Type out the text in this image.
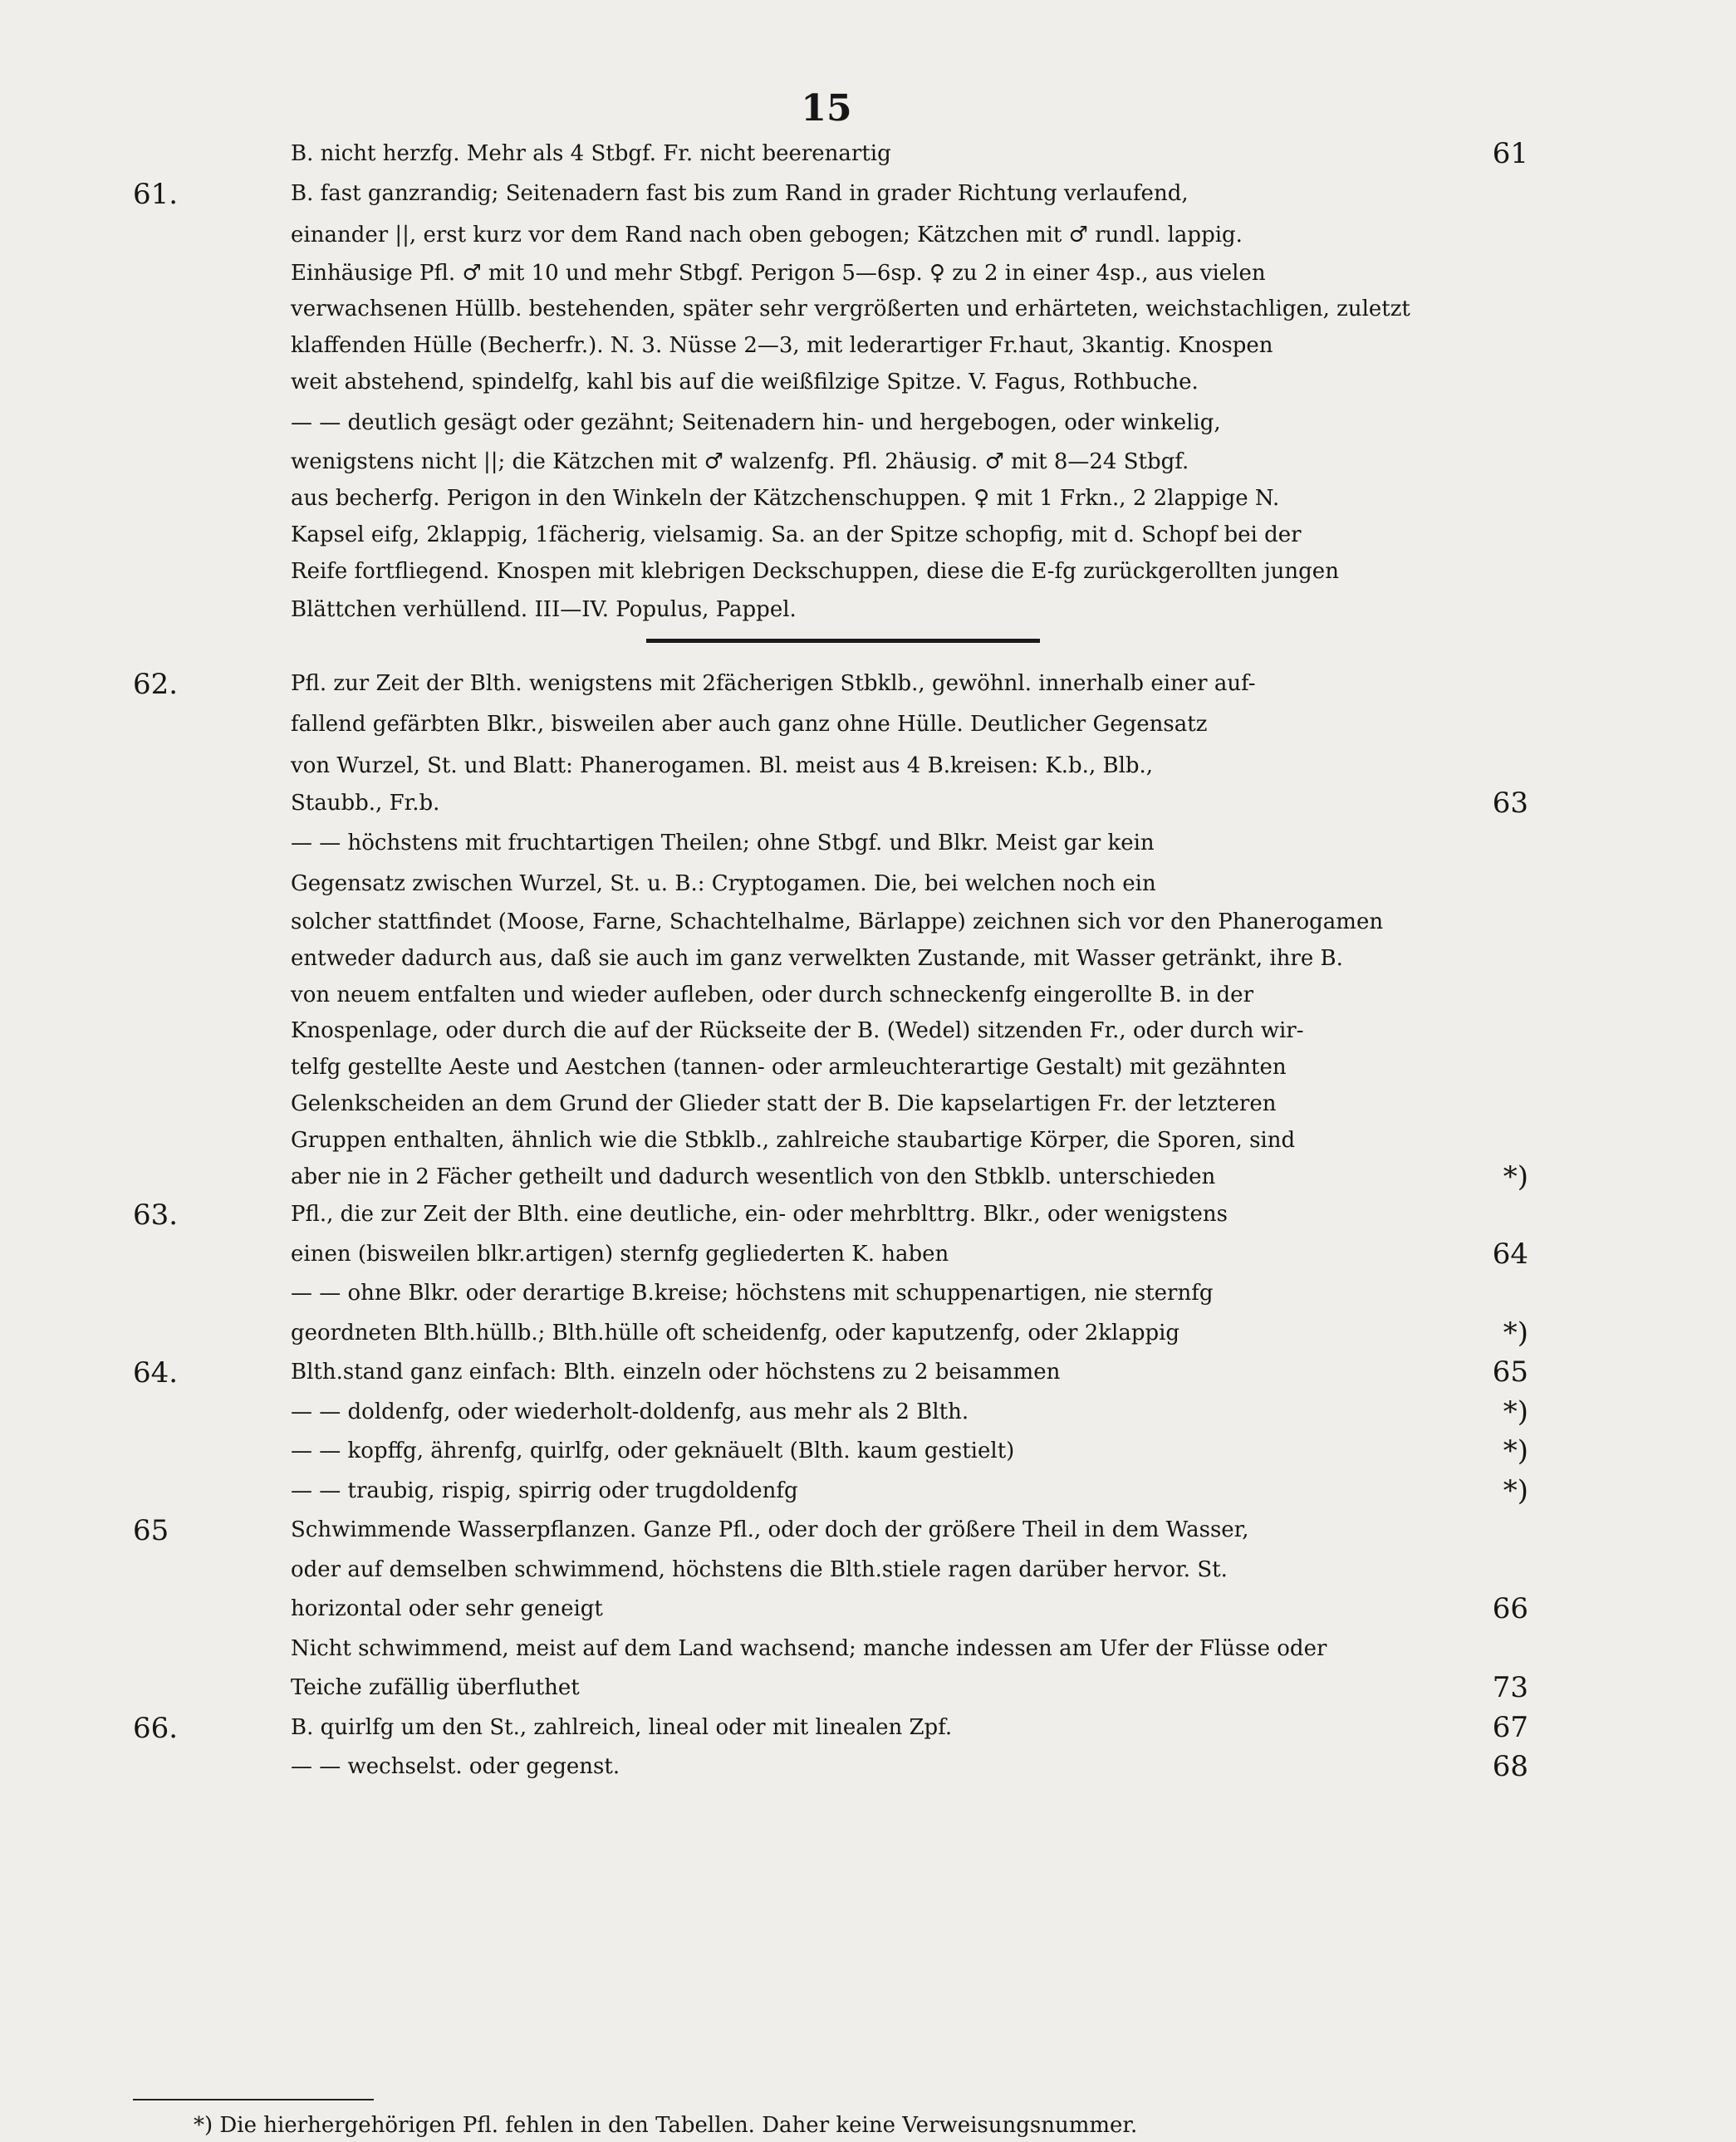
15
B. nicht herzfg. Mehr als 4 Stbgf. Fr. nicht beerenartig	61
61.	B. fast ganzrandig; Seitenadern fast bis zum Rand in grader Richtung verlaufend,
einander ||, erst kurz vor dem Rand nach oben gebogen; Kätzchen mit ♂ rundl. lappig.
Einhäusige Pfl. ♂ mit 10 und mehr Stbgf. Perigon 5—6sp. ♀ zu 2 in einer 4sp., aus vielen
verwachsenen Hüllb. bestehenden, später sehr vergrößerten und erhärteten, weichstachligen, zuletzt
klaffenden Hülle (Becherfr.). N. 3. Nüsse 2—3, mit lederartiger Fr.haut, 3kantig. Knospen
weit abstehend, spindelfg, kahl bis auf die weißfilzige Spitze. V. Fagus, Rothbuche.
— — deutlich gesägt oder gezähnt; Seitenadern hin- und hergebogen, oder winkelig,
wenigstens nicht ||; die Kätzchen mit ♂ walzenfg. Pfl. 2häusig. ♂ mit 8—24 Stbgf.
aus becherfg. Perigon in den Winkeln der Kätzchenschuppen. ♀ mit 1 Frkn., 2 2lappige N.
Kapsel eifg, 2klappig, 1fächerig, vielsamig. Sa. an der Spitze schopfig, mit d. Schopf bei der
Reife fortfliegend. Knospen mit klebrigen Deckschuppen, diese die E-fg zurückgerollten jungen
Blättchen verhüllend. III—IV. Populus, Pappel.
62.	Pfl. zur Zeit der Blth. wenigstens mit 2fächerigen Stbklb., gewöhnl. innerhalb einer auf-
fallend gefärbten Blkr., bisweilen aber auch ganz ohne Hülle. Deutlicher Gegensatz
von Wurzel, St. und Blatt: Phanerogamen. Bl. meist aus 4 B.kreisen: K.b., Blb.,
Staubb., Fr.b.	63
— — höchstens mit fruchtartigen Theilen; ohne Stbgf. und Blkr. Meist gar kein
Gegensatz zwischen Wurzel, St. u. B.: Cryptogamen. Die, bei welchen noch ein
solcher stattfindet (Moose, Farne, Schachtelhalme, Bärlappe) zeichnen sich vor den Phanerogamen
entweder dadurch aus, daß sie auch im ganz verwelkten Zustande, mit Wasser getränkt, ihre B.
von neuem entfalten und wieder aufleben, oder durch schneckenfg eingerollte B. in der
Knospenlage, oder durch die auf der Rückseite der B. (Wedel) sitzenden Fr., oder durch wir-
telfg gestellte Aeste und Aestchen (tannen- oder armleuchterartige Gestalt) mit gezähnten
Gelenkscheiden an dem Grund der Glieder statt der B. Die kapselartigen Fr. der letzteren
Gruppen enthalten, ähnlich wie die Stbklb., zahlreiche staubartige Körper, die Sporen, sind
aber nie in 2 Fächer getheilt und dadurch wesentlich von den Stbklb. unterschieden	*)
63.	Pfl., die zur Zeit der Blth. eine deutliche, ein- oder mehrblttrg. Blkr., oder wenigstens
einen (bisweilen blkr.artigen) sternfg gegliederten K. haben	64
— — ohne Blkr. oder derartige B.kreise; höchstens mit schuppenartigen, nie sternfg
geordneten Blth.hüllb.; Blth.hülle oft scheidenfg, oder kaputzenfg, oder 2klappig	*)
64.	Blth.stand ganz einfach: Blth. einzeln oder höchstens zu 2 beisammen	65
— — doldenfg, oder wiederholt-doldenfg, aus mehr als 2 Blth.	*)
— — kopffg, ährenfg, quirlfg, oder geknäuelt (Blth. kaum gestielt)	*)
— — traubig, rispig, spirrig oder trugdoldenfg	*)
65	Schwimmende Wasserpflanzen. Ganze Pfl., oder doch der größere Theil in dem Wasser,
oder auf demselben schwimmend, höchstens die Blth.stiele ragen darüber hervor. St.
horizontal oder sehr geneigt	66
Nicht schwimmend, meist auf dem Land wachsend; manche indessen am Ufer der Flüsse oder
Teiche zufällig überfluthet	73
66.	B. quirlfg um den St., zahlreich, lineal oder mit linealen Zpf.	67
— — wechselst. oder gegenst.	68
*) Die hierhergehörigen Pfl. fehlen in den Tabellen. Daher keine Verweisungsnummer.
